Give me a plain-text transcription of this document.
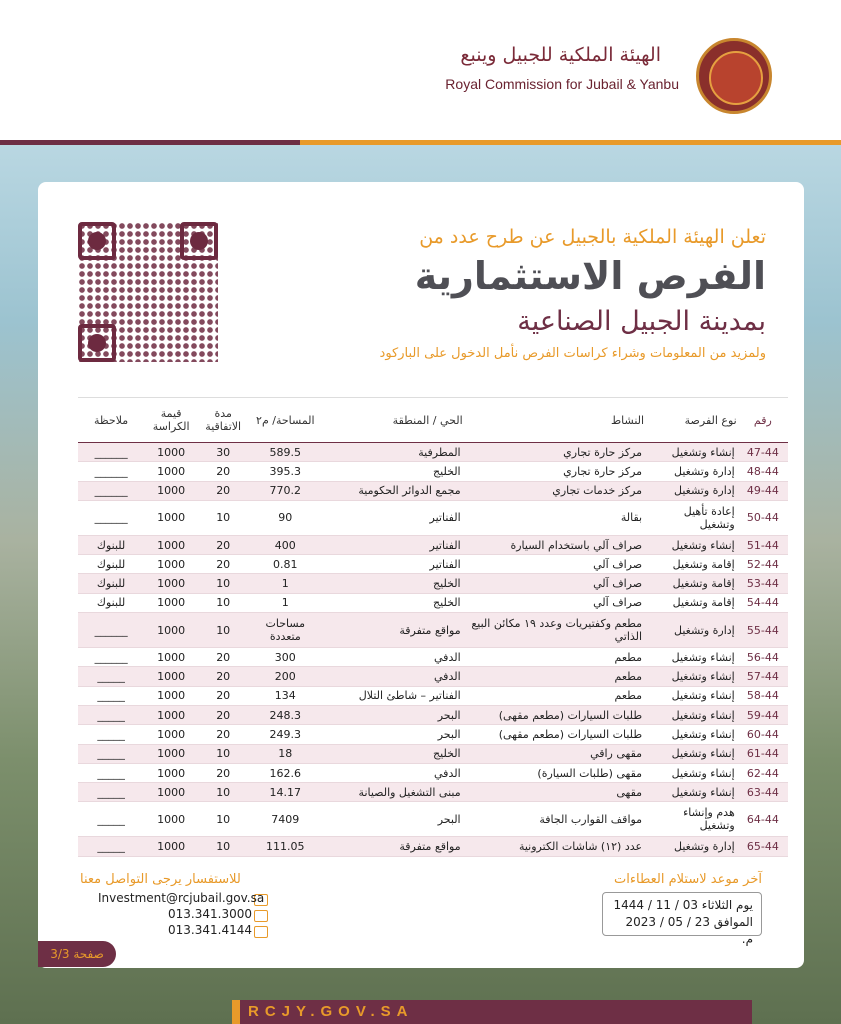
الهيئة الملكية للجبيل وينبع
Royal Commission for Jubail & Yanbu
تعلن الهيئة الملكية بالجبيل عن طرح عدد من
الفرص الاستثمارية
بمدينة الجبيل الصناعية
ولمزيد من المعلومات وشراء كراسات الفرص نأمل الدخول على الباركود
رقم	نوع الفرصة	النشاط	الحي / المنطقة	المساحة/ م٢	مدة الاتفاقية	قيمة الكراسة	ملاحظة
47-44	إنشاء وتشغيل	مركز حارة تجاري	المطرفية	589.5	30	1000	______
48-44	إدارة وتشغيل	مركز حارة تجاري	الخليج	395.3	20	1000	______
49-44	إدارة وتشغيل	مركز خدمات تجاري	مجمع الدوائر الحكومية	770.2	20	1000	______
50-44	إعادة تأهيل وتشغيل	بقالة	الفناتير	90	10	1000	______
51-44	إنشاء وتشغيل	صراف آلي باستخدام السيارة	الفناتير	400	20	1000	للبنوك
52-44	إقامة وتشغيل	صراف آلي	الفناتير	0.81	20	1000	للبنوك
53-44	إقامة وتشغيل	صراف آلي	الخليج	1	10	1000	للبنوك
54-44	إقامة وتشغيل	صراف آلي	الخليج	1	10	1000	للبنوك
55-44	إدارة وتشغيل	مطعم وكفتيريات وعدد ١٩ مكائن البيع الذاتي	مواقع متفرقة	مساحات متعددة	10	1000	______
56-44	إنشاء وتشغيل	مطعم	الدفي	300	20	1000	______
57-44	إنشاء وتشغيل	مطعم	الدفي	200	20	1000	_____
58-44	إنشاء وتشغيل	مطعم	الفناتير – شاطئ التلال	134	20	1000	_____
59-44	إنشاء وتشغيل	طلبات السيارات (مطعم مقهى)	البحر	248.3	20	1000	_____
60-44	إنشاء وتشغيل	طلبات السيارات (مطعم مقهى)	البحر	249.3	20	1000	_____
61-44	إنشاء وتشغيل	مقهى راقي	الخليج	18	10	1000	_____
62-44	إنشاء وتشغيل	مقهى (طلبات السيارة)	الدفي	162.6	20	1000	_____
63-44	إنشاء وتشغيل	مقهى	مبنى التشغيل والصيانة	14.17	10	1000	_____
64-44	هدم وإنشاء وتشغيل	مواقف القوارب الجافة	البحر	7409	10	1000	_____
65-44	إدارة وتشغيل	عدد (١٢) شاشات الكترونية	مواقع متفرقة	111.05	10	1000	_____
آخر موعد لاستلام العطاءات
يوم الثلاثاء 03 / 11 / 1444
الموافق 23 / 05 / 2023 م.
للاستفسار يرجى التواصل معنا
Investment@rcjubail.gov.sa
013.341.3000
013.341.4144
صفحة 3/3
RCJY.GOV.SA
